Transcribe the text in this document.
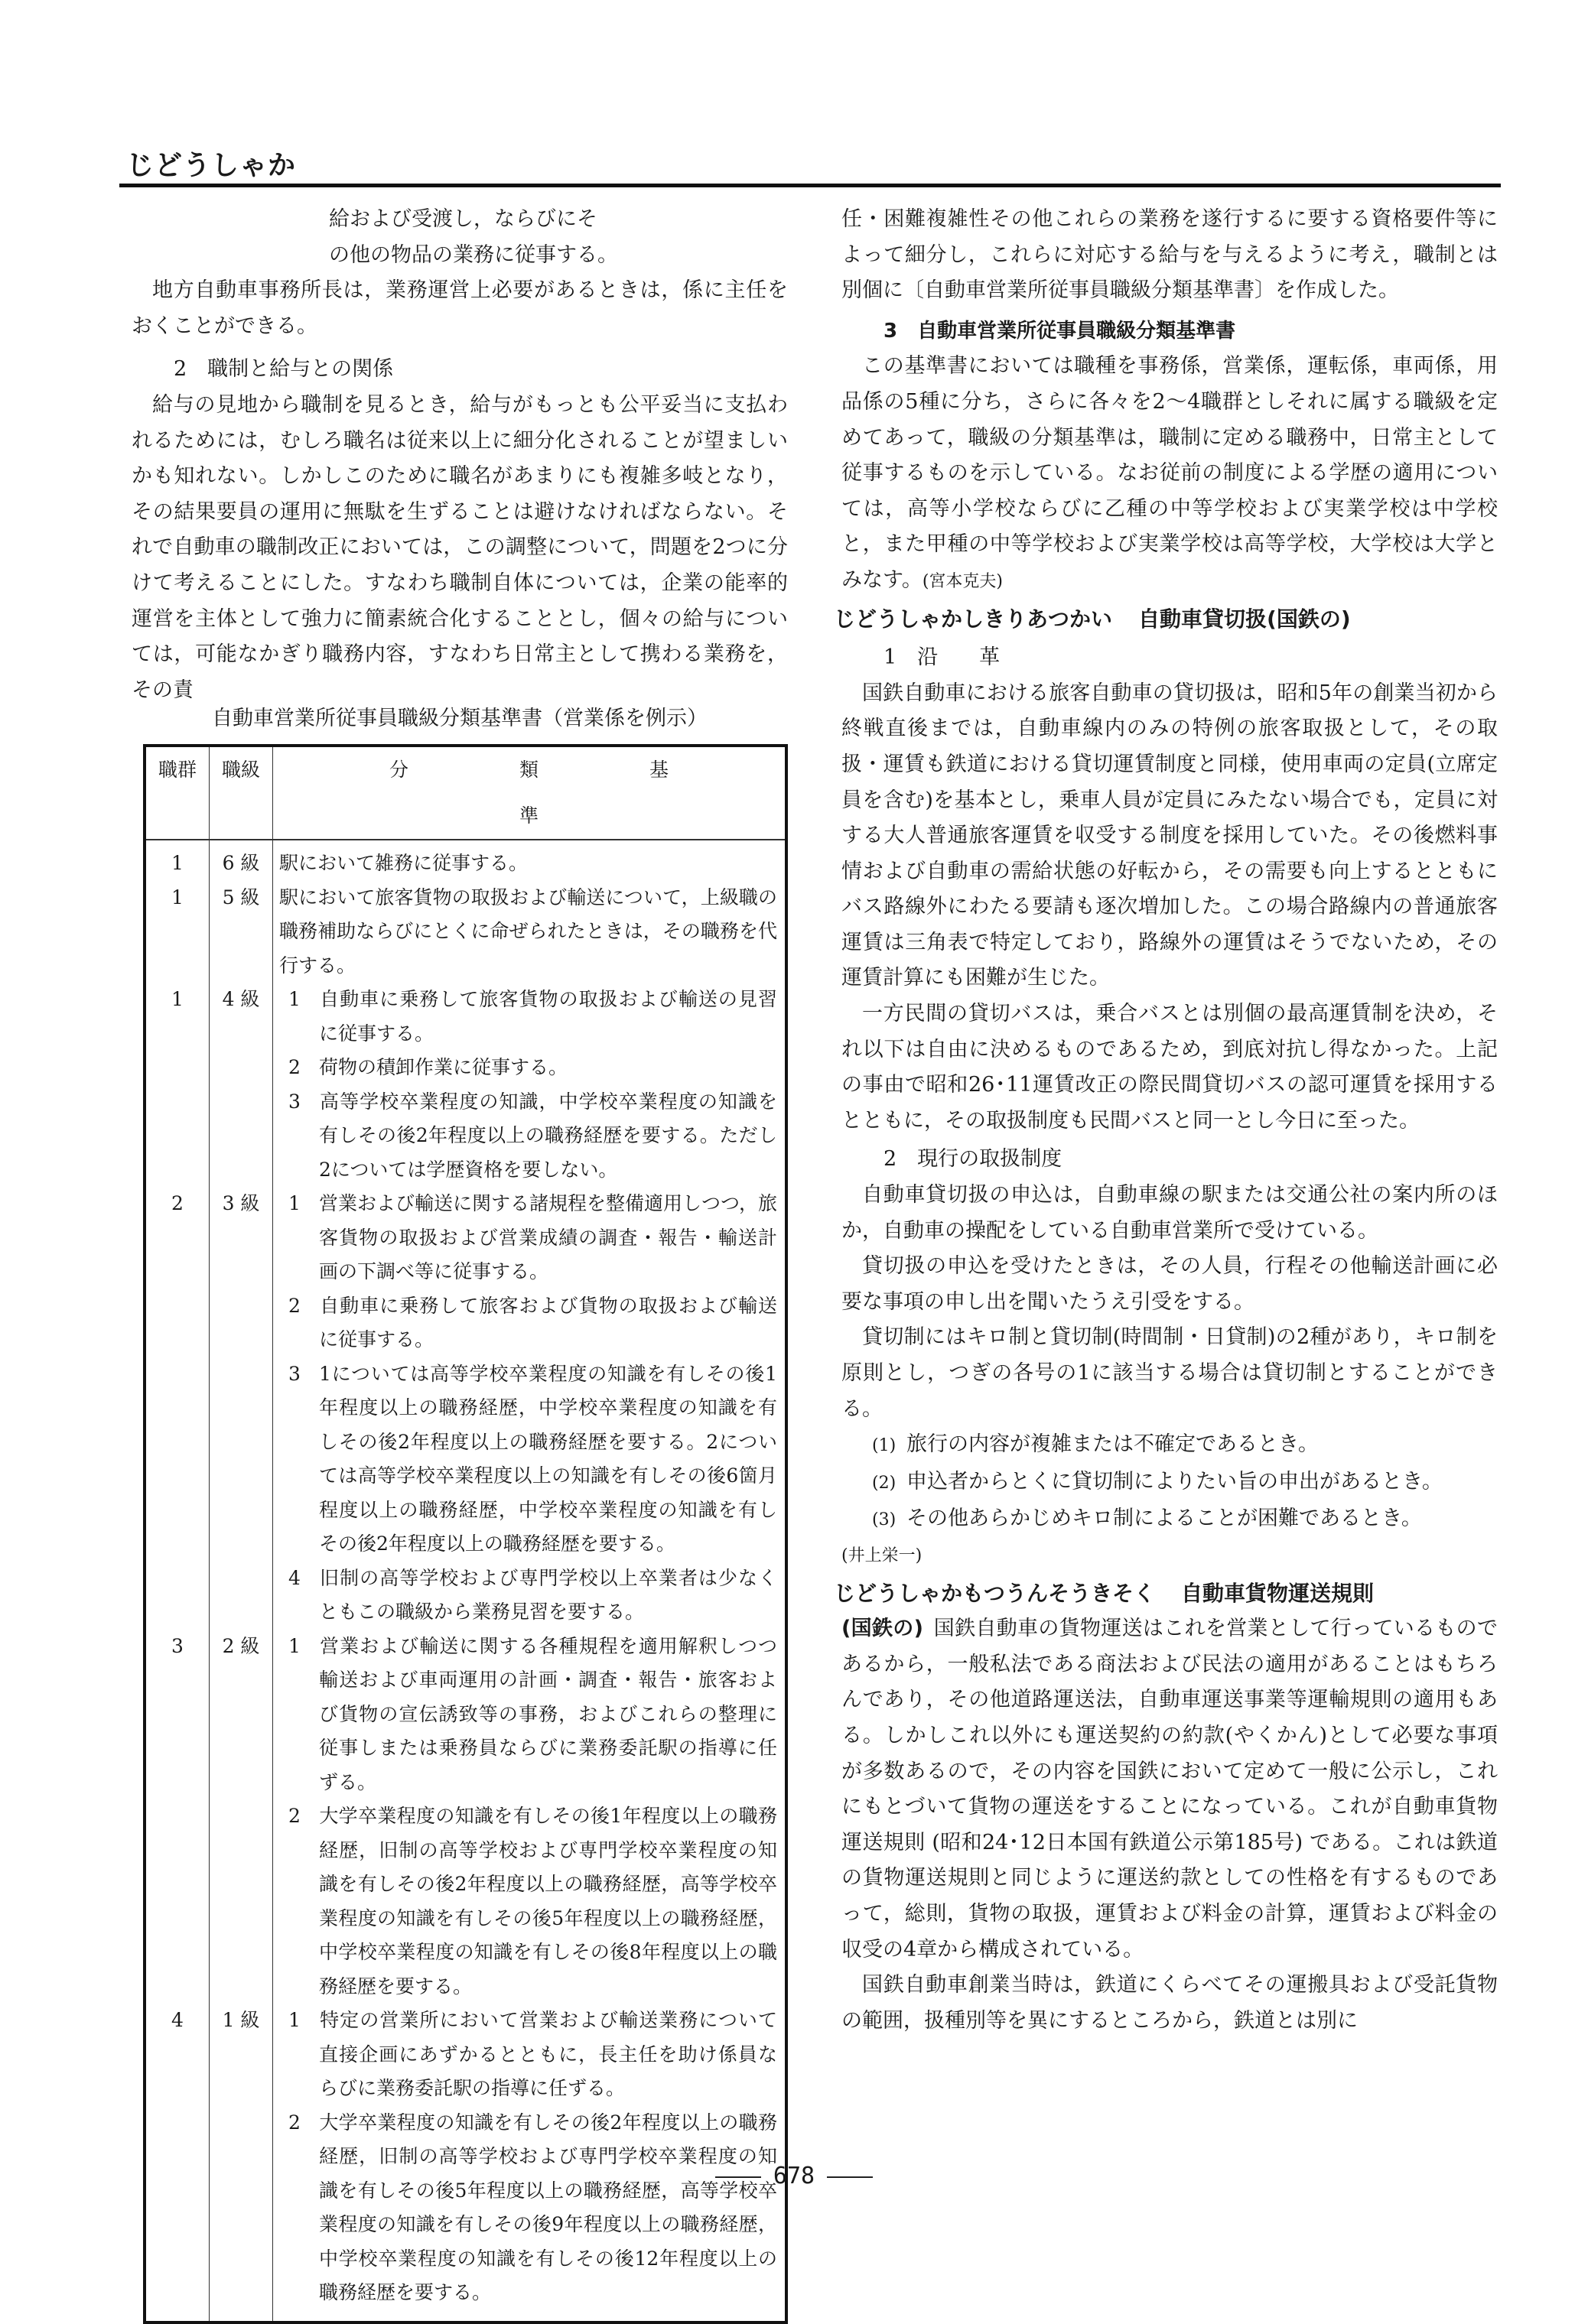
じどうしゃか

給および受渡し，ならびにそ

の他の物品の業務に従事する。

地方自動車事務所長は，業務運営上必要があるときは，係に主任をおくことができる。

2　職制と給与との関係

給与の見地から職制を見るとき，給与がもっとも公平妥当に支払われるためには，むしろ職名は従来以上に細分化されることが望ましいかも知れない。しかしこのために職名があまりにも複雑多岐となり，その結果要員の運用に無駄を生ずることは避けなければならない。それで自動車の職制改正においては，この調整について，問題を2つに分けて考えることにした。すなわち職制自体については，企業の能率的運営を主体として強力に簡素統合化することとし，個々の給与については，可能なかぎり職務内容，すなわち日常主として携わる業務を，その責

自動車営業所従事員職級分類基準書（営業係を例示）
職群	職級	分 類 基準
1	6 級	駅において雑務に従事する。

1	5 級	駅において旅客貨物の取扱および輸送について，上級職の職務補助ならびにとくに命ぜられたときは，その職務を代行する。

1	4 級	1 自動車に乗務して旅客貨物の取扱および輸送の見習に従事する。

2 荷物の積卸作業に従事する。

3 高等学校卒業程度の知識，中学校卒業程度の知識を有しその後2年程度以上の職務経歴を要する。ただし2については学歴資格を要しない。

2	3 級	1 営業および輸送に関する諸規程を整備適用しつつ，旅客貨物の取扱および営業成績の調査・報告・輸送計画の下調べ等に従事する。

2 自動車に乗務して旅客および貨物の取扱および輸送に従事する。

3 1については高等学校卒業程度の知識を有しその後1年程度以上の職務経歴，中学校卒業程度の知識を有しその後2年程度以上の職務経歴を要する。2については高等学校卒業程度以上の知識を有しその後6箇月程度以上の職務経歴，中学校卒業程度の知識を有しその後2年程度以上の職務経歴を要する。

4 旧制の高等学校および専門学校以上卒業者は少なくともこの職級から業務見習を要する。

3	2 級	1 営業および輸送に関する各種規程を適用解釈しつつ輸送および車両運用の計画・調査・報告・旅客および貨物の宣伝誘致等の事務，およびこれらの整理に従事しまたは乗務員ならびに業務委託駅の指導に任ずる。

2 大学卒業程度の知識を有しその後1年程度以上の職務経歴，旧制の高等学校および専門学校卒業程度の知識を有しその後2年程度以上の職務経歴，高等学校卒業程度の知識を有しその後5年程度以上の職務経歴，中学校卒業程度の知識を有しその後8年程度以上の職務経歴を要する。

4	1 級	1 特定の営業所において営業および輸送業務について直接企画にあずかるとともに，長主任を助け係員ならびに業務委託駅の指導に任ずる。

2 大学卒業程度の知識を有しその後2年程度以上の職務経歴，旧制の高等学校および専門学校卒業程度の知識を有しその後5年程度以上の職務経歴，高等学校卒業程度の知識を有しその後9年程度以上の職務経歴，中学校卒業程度の知識を有しその後12年程度以上の職務経歴を要する。

任・困難複雑性その他これらの業務を遂行するに要する資格要件等によって細分し，これらに対応する給与を与えるように考え，職制とは別個に〔自動車営業所従事員職級分類基準書〕を作成した。

3　自動車営業所従事員職級分類基準書

この基準書においては職種を事務係，営業係，運転係，車両係，用品係の5種に分ち，さらに各々を2～4職群としそれに属する職級を定めてあって，職級の分類基準は，職制に定める職務中，日常主として従事するものを示している。なお従前の制度による学歴の適用については，高等小学校ならびに乙種の中等学校および実業学校は中学校と，また甲種の中等学校および実業学校は高等学校，大学校は大学とみなす。(宮本克夫)

じどうしゃかしきりあつかい 自動車貸切扱(国鉄の)

1　沿　　革

国鉄自動車における旅客自動車の貸切扱は，昭和5年の創業当初から終戦直後までは，自動車線内のみの特例の旅客取扱として，その取扱・運賃も鉄道における貸切運賃制度と同様，使用車両の定員(立席定員を含む)を基本とし，乗車人員が定員にみたない場合でも，定員に対する大人普通旅客運賃を収受する制度を採用していた。その後燃料事情および自動車の需給状態の好転から，その需要も向上するとともにバス路線外にわたる要請も逐次増加した。この場合路線内の普通旅客運賃は三角表で特定しており，路線外の運賃はそうでないため，その運賃計算にも困難が生じた。

一方民間の貸切バスは，乗合バスとは別個の最高運賃制を決め，それ以下は自由に決めるものであるため，到底対抗し得なかった。上記の事由で昭和26･11運賃改正の際民間貸切バスの認可運賃を採用するとともに，その取扱制度も民間バスと同一とし今日に至った。

2　現行の取扱制度

自動車貸切扱の申込は，自動車線の駅または交通公社の案内所のほか，自動車の操配をしている自動車営業所で受けている。

貸切扱の申込を受けたときは，その人員，行程その他輸送計画に必要な事項の申し出を聞いたうえ引受をする。

貸切制にはキロ制と貸切制(時間制・日貸制)の2種があり，キロ制を原則とし，つぎの各号の1に該当する場合は貸切制とすることができる。

(1) 旅行の内容が複雑または不確定であるとき。

(2) 申込者からとくに貸切制によりたい旨の申出があるとき。

(3) その他あらかじめキロ制によることが困難であるとき。

(井上栄一)

じどうしゃかもつうんそうきそく 自動車貨物運送規則

(国鉄の)  国鉄自動車の貨物運送はこれを営業として行っているものであるから，一般私法である商法および民法の適用があることはもちろんであり，その他道路運送法，自動車運送事業等運輸規則の適用もある。しかしこれ以外にも運送契約の約款(やくかん)として必要な事項が多数あるので，その内容を国鉄において定めて一般に公示し，これにもとづいて貨物の運送をすることになっている。これが自動車貨物運送規則 (昭和24･12日本国有鉄道公示第185号) である。これは鉄道の貨物運送規則と同じように運送約款としての性格を有するものであって，総則，貨物の取扱，運賃および料金の計算，運賃および料金の収受の4章から構成されている。

国鉄自動車創業当時は，鉄道にくらべてその運搬具および受託貨物の範囲，扱種別等を異にするところから，鉄道とは別に

678
